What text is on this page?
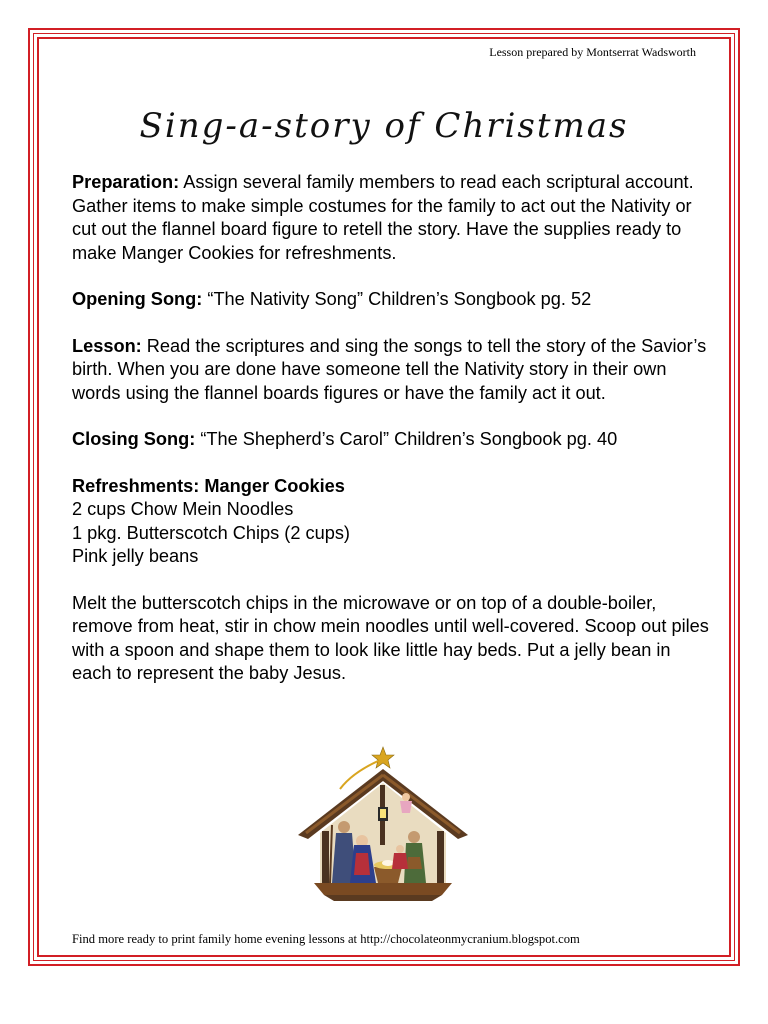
Lesson prepared by Montserrat Wadsworth
Sing-a-story of Christmas

Preparation: Assign several family members to read each scriptural account. Gather items to make simple costumes for the family to act out the Nativity or cut out the flannel board figure to retell the story. Have the supplies ready to make Manger Cookies for refreshments.

Opening Song: “The Nativity Song” Children’s Songbook pg. 52

Lesson: Read the scriptures and sing the songs to tell the story of the Savior’s birth. When you are done have someone tell the Nativity story in their own words using the flannel boards figures or have the family act it out.

Closing Song: “The Shepherd’s Carol” Children’s Songbook pg. 40

Refreshments: Manger Cookies
2 cups Chow Mein Noodles
1 pkg. Butterscotch Chips (2 cups)
Pink jelly beans

Melt the butterscotch chips in the microwave or on top of a double-boiler, remove from heat, stir in chow mein noodles until well-covered. Scoop out piles with a spoon and shape them to look like little hay beds. Put a jelly bean in each to represent the baby Jesus.

Find more ready to print family home evening lessons at http://chocolateonmycranium.blogspot.com
